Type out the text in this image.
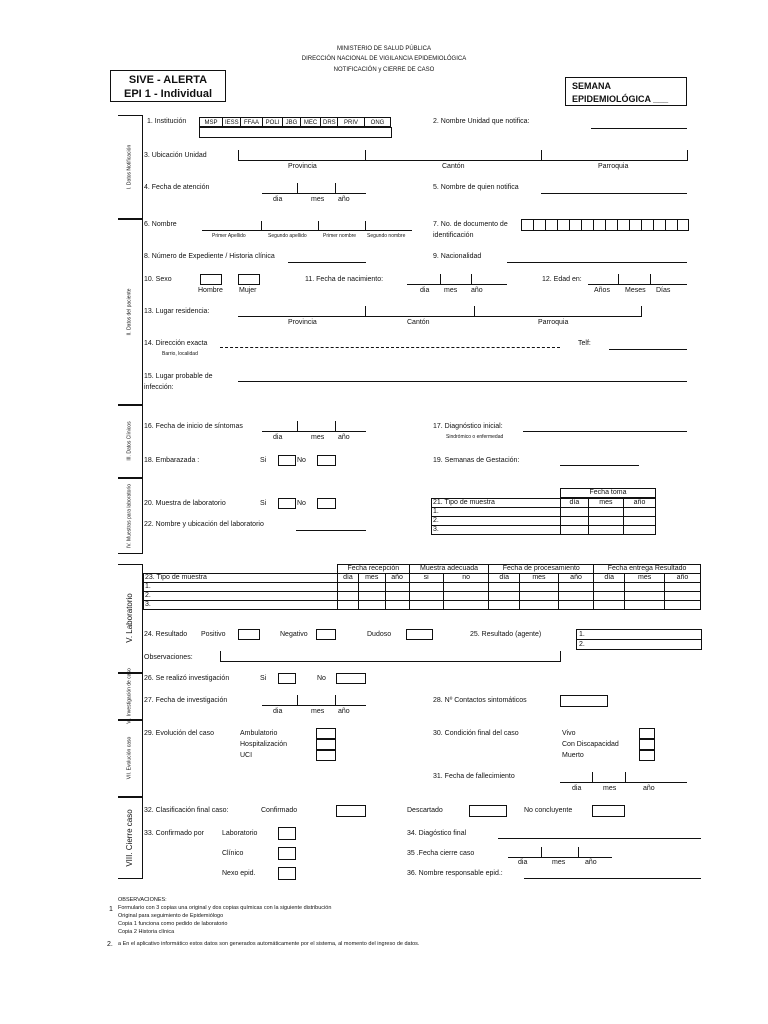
MINISTERIO DE SALUD PÚBLICA
DIRECCIÓN NACIONAL DE VIGILANCIA EPIDEMIOLÓGICA
NOTIFICACIÓN y CIERRE DE CASO
SIVE - ALERTA
EPI 1 - Individual
SEMANA
EPIDEMIOLÓGICA ___
I. Datos Notificación
II. Datos del paciente
III. Datos Clínicos
IV. Muestras para laboratorio
V. Laboratorio
VI. Investigación de caso
VII. Evolución caso
VIII. Cierre caso
1. Institución	MSP	IESS FFAA	POLI	JBG	MEC DRS	PRIV	ONG	2. Nombre Unidad que notifica:
3. Ubicación Unidad
Provincia	Cantón	Parroquia
4. Fecha de atención
dia	mes año
5. Nombre de quien notifica
6. Nombre
Primer Apellido	Segundo apellido	Primer nombre Segundo nombre
7. No. de documento de
identificación
8. Número de Expediente / Historia clínica	9. Nacionalidad
10. Sexo
Hombre Mujer
11. Fecha de nacimiento:
dia mes año
12. Edad en:
Años Meses Días
13. Lugar residencia:
Provincia	Cantón	Parroquia
14. Dirección exacta
Barrio, localidad
Telf:
15. Lugar probable de
infección:
16. Fecha de inicio de síntomas
dia	mes año
17. Diagnóstico inicial:
Sindrómico o enfermedad
18. Embarazada :	Si	No	19. Semanas de Gestación:
20. Muestra de laboratorio	Si	No
22. Nombre y ubicación del laboratorio
Fecha toma
21. Tipo de muestra	día	mes	año
1.			
2.			
3.			
	Fecha recepción			Muestra adecuada		Fecha de procesamiento			Fecha entrega Resultado		
23. Tipo de muestra	día	mes	año	si	no	día	mes	año	día	mes	año
1.											
2.											
3.											
24. Resultado Positivo	Negativo	Dudoso	25. Resultado (agente)	1.
2.
Observaciones:
26. Se realizó investigación	Si	No
27. Fecha de investigación
dia	mes año
28. Nº Contactos sintomáticos
29. Evolución del caso	Ambulatorio
Hospitalización
UCI
30. Condición final del caso	Vivo
Con Discapacidad
Muerto
31. Fecha de fallecimiento
dia	mes	año
32. Clasificación final caso:	Confirmado	Descartado	No concluyente
33. Confirmado por	Laboratorio
Clínico
Nexo epid.
34. Diagóstico final
35 .Fecha cierre caso
dia	mes	año
36. Nombre responsable epid.:
OBSERVACIONES:
1 Formulario con 3 copias una original y dos copias químicas con la siguiente distribución
Original para seguimiento de Epidemiólogo
Copia 1 funciona como pedido de laboratorio
Copia 2 Historia clínica
2. a En el aplicativo informático estos datos son generados automáticamente por el sistema, al momento del ingreso de datos.
